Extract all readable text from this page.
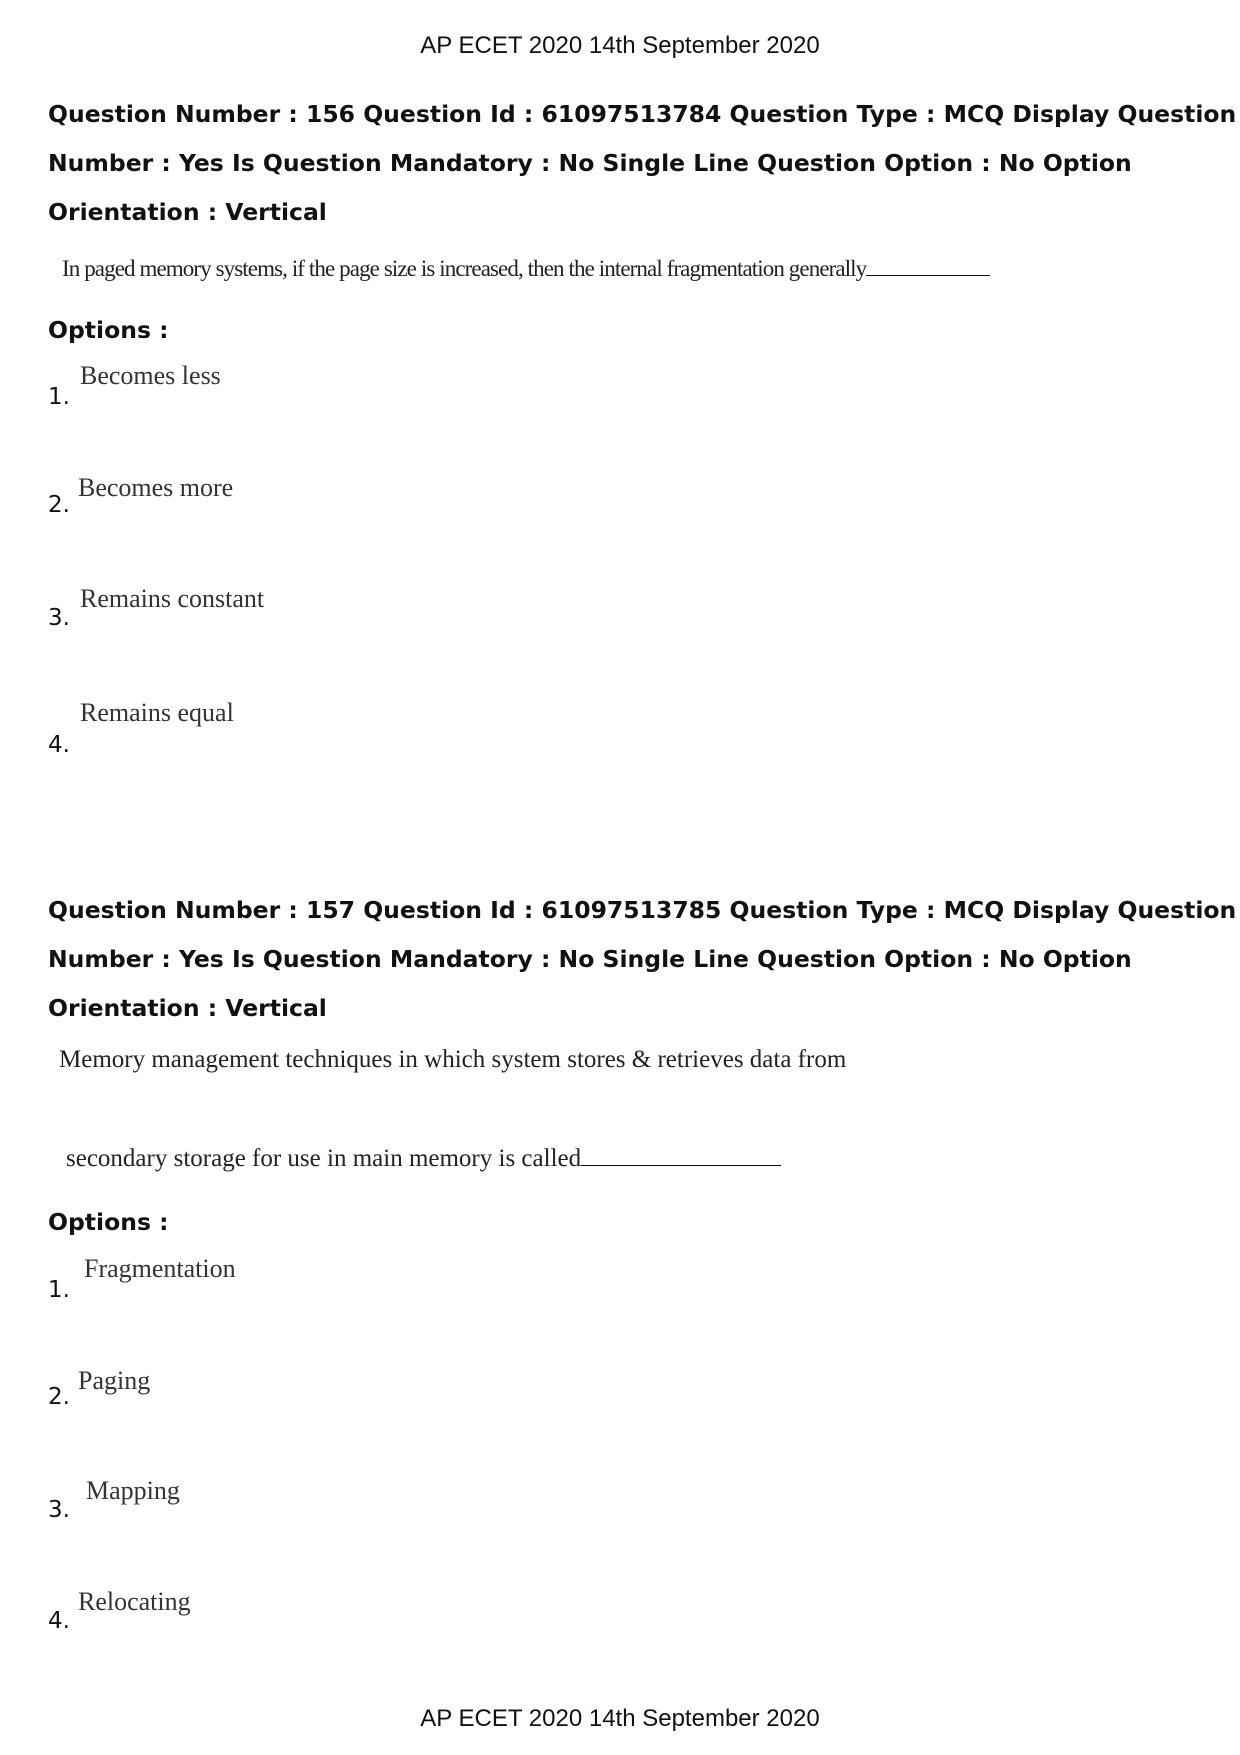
AP ECET 2020 14th September 2020
Question Number : 156 Question Id : 61097513784 Question Type : MCQ Display Question
Number : Yes Is Question Mandatory : No Single Line Question Option : No Option
Orientation : Vertical
In paged memory systems, if the page size is increased, then the internal fragmentation generally
Options :
1.
Becomes less
2.
Becomes more
3.
Remains constant
4.
Remains equal
Question Number : 157 Question Id : 61097513785 Question Type : MCQ Display Question
Number : Yes Is Question Mandatory : No Single Line Question Option : No Option
Orientation : Vertical
Memory management techniques in which system stores & retrieves data from
secondary storage for use in main memory is called
Options :
1.
Fragmentation
2.
Paging
3.
Mapping
4.
Relocating
AP ECET 2020 14th September 2020
